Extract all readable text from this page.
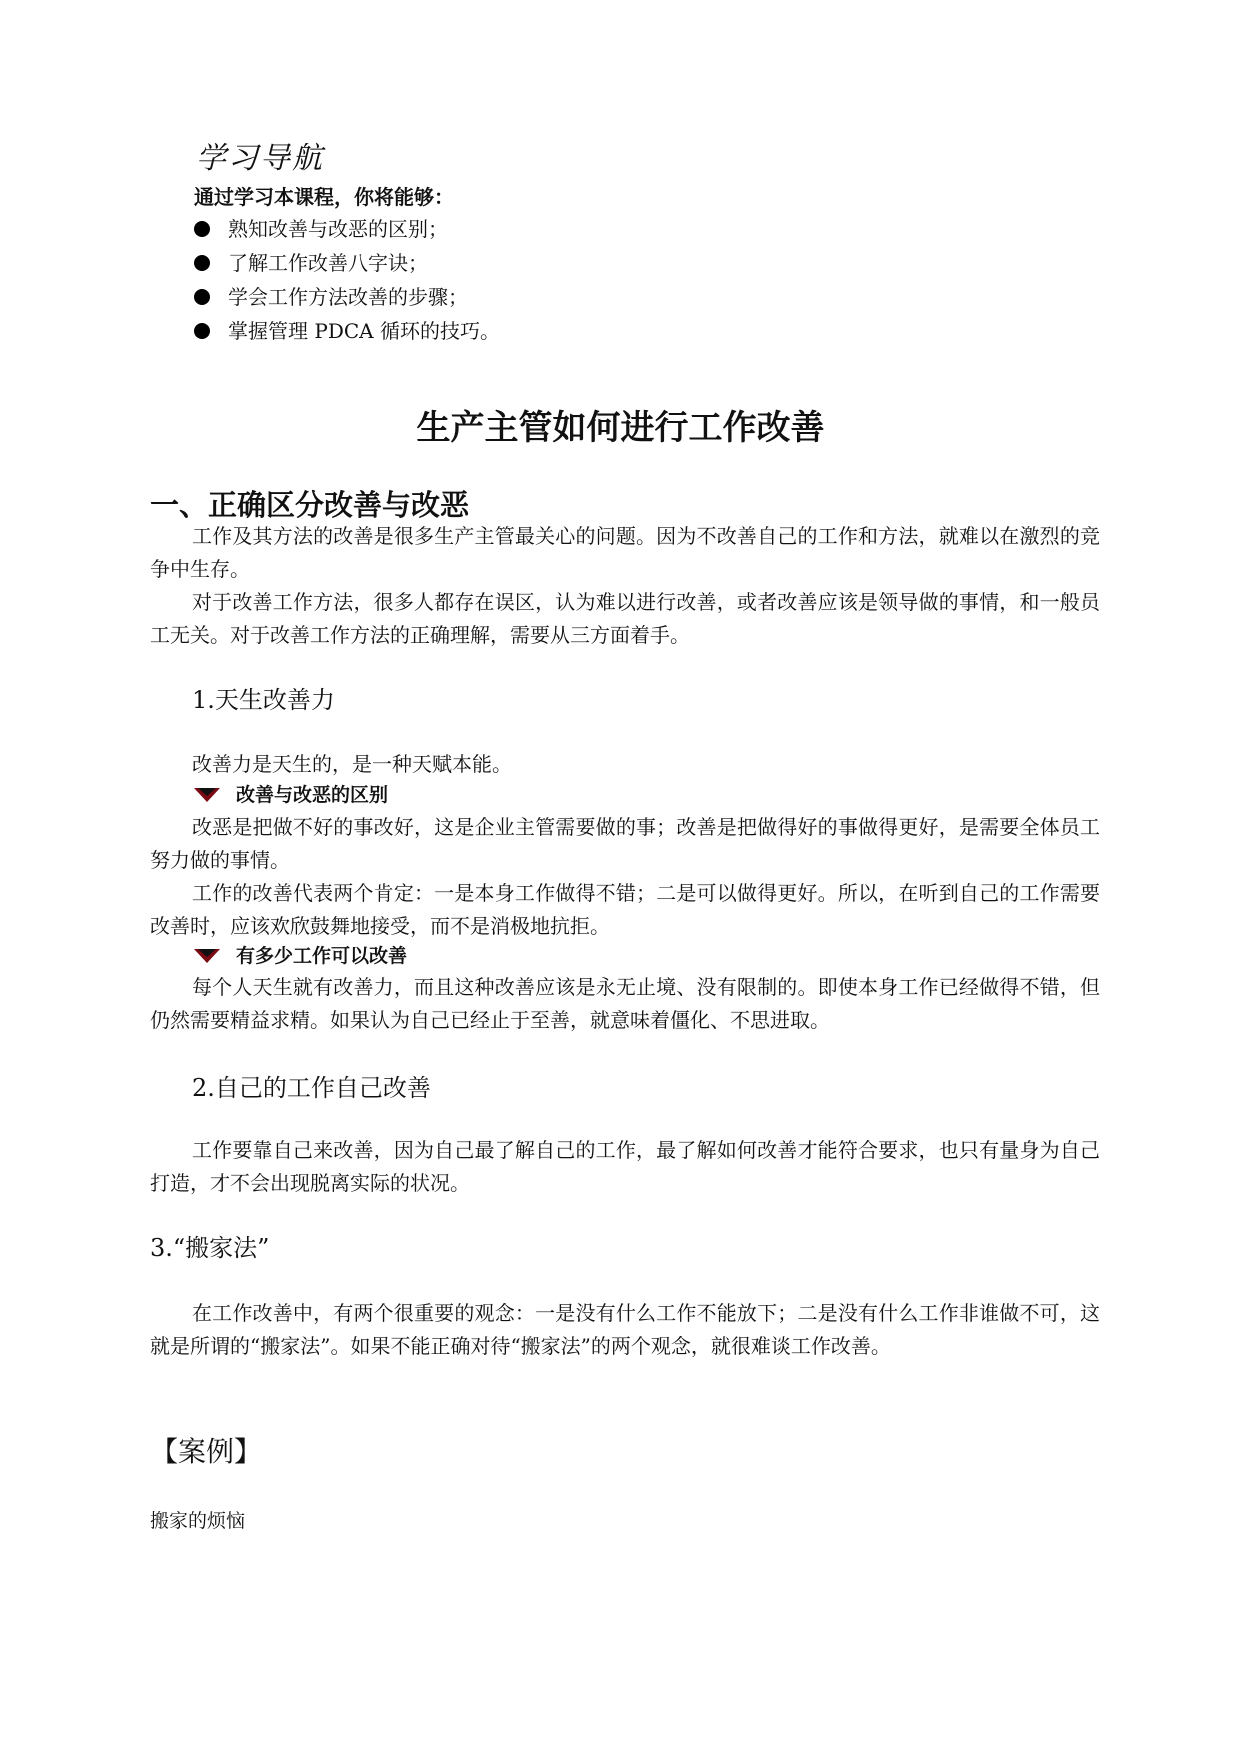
学习导航
通过学习本课程，你将能够：
熟知改善与改恶的区别；
了解工作改善八字诀；
学会工作方法改善的步骤；
掌握管理 PDCA 循环的技巧。
生产主管如何进行工作改善
一、正确区分改善与改恶

工作及其方法的改善是很多生产主管最关心的问题。因为不改善自己的工作和方法，就难以在激烈的竞争中生存。

对于改善工作方法，很多人都存在误区，认为难以进行改善，或者改善应该是领导做的事情，和一般员工无关。对于改善工作方法的正确理解，需要从三方面着手。

1.天生改善力
改善力是天生的，是一种天赋本能。
改善与改恶的区别

改恶是把做不好的事改好，这是企业主管需要做的事；改善是把做得好的事做得更好，是需要全体员工努力做的事情。

工作的改善代表两个肯定：一是本身工作做得不错；二是可以做得更好。所以，在听到自己的工作需要改善时，应该欢欣鼓舞地接受，而不是消极地抗拒。

有多少工作可以改善

每个人天生就有改善力，而且这种改善应该是永无止境、没有限制的。即使本身工作已经做得不错，但仍然需要精益求精。如果认为自己已经止于至善，就意味着僵化、不思进取。

2.自己的工作自己改善

工作要靠自己来改善，因为自己最了解自己的工作，最了解如何改善才能符合要求，也只有量身为自己打造，才不会出现脱离实际的状况。

3.“搬家法”

在工作改善中，有两个很重要的观念：一是没有什么工作不能放下；二是没有什么工作非谁做不可，这就是所谓的“搬家法”。如果不能正确对待“搬家法”的两个观念，就很难谈工作改善。

【案例】
搬家的烦恼
